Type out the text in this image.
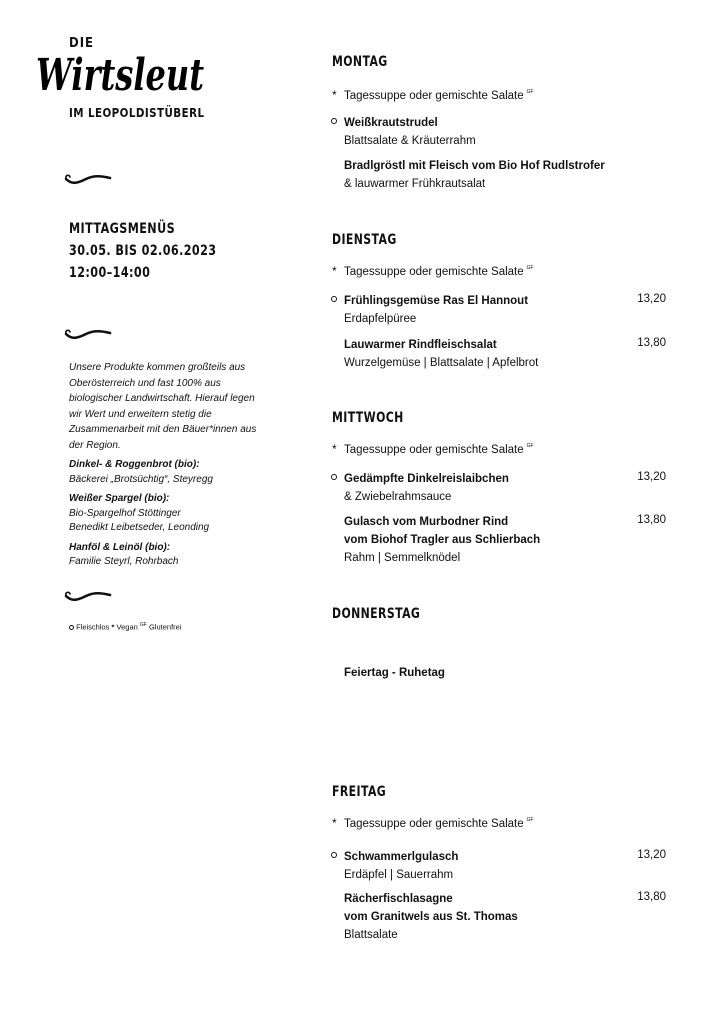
DIE
Wirtsleut
IM LEOPOLDISTÜBERL
MITTAGSMENÜS
30.05. BIS 02.06.2023
12:00–14:00
Unsere Produkte kommen großteils aus Oberösterreich und fast 100% aus biologischer Landwirtschaft. Hierauf legen wir Wert und erweitern stetig die Zusammenarbeit mit den Bäuer*innen aus der Region.
Dinkel- & Roggenbrot (bio):
Bäckerei „Brotsüchtig“, Steyregg
Weißer Spargel (bio):
Bio-Spargelhof Stöttinger
Benedikt Leibetseder, Leonding
Hanföl & Leinöl (bio):
Familie Steyrl, Rohrbach
Fleischlos * Vegan $^{GF}$ Glutenfrei
MONTAG
* Tagessuppe oder gemischte Salate $^{GF}$
Weißkrautstrudel
Blattsalate & Kräuterrahm
Bradlgröstl mit Fleisch vom Bio Hof Rudlstrofer
& lauwarmer Frühkrautsalat
DIENSTAG
* Tagessuppe oder gemischte Salate $^{GF}$
Frühlingsgemüse Ras El Hannout
Erdapfelpüree
13,20
Lauwarmer Rindfleischsalat
Wurzelgemüse | Blattsalate | Apfelbrot
13,80
MITTWOCH
* Tagessuppe oder gemischte Salate $^{GF}$
Gedämpfte Dinkelreislaibchen
& Zwiebelrahmsauce
13,20
Gulasch vom Murbodner Rind
vom Biohof Tragler aus Schlierbach
Rahm | Semmelknödel
13,80
DONNERSTAG
Feiertag - Ruhetag
FREITAG
* Tagessuppe oder gemischte Salate $^{GF}$
Schwammerlgulasch
Erdäpfel | Sauerrahm
13,20
Rächerfischlasagne
vom Granitwels aus St. Thomas
Blattsalate
13,80
